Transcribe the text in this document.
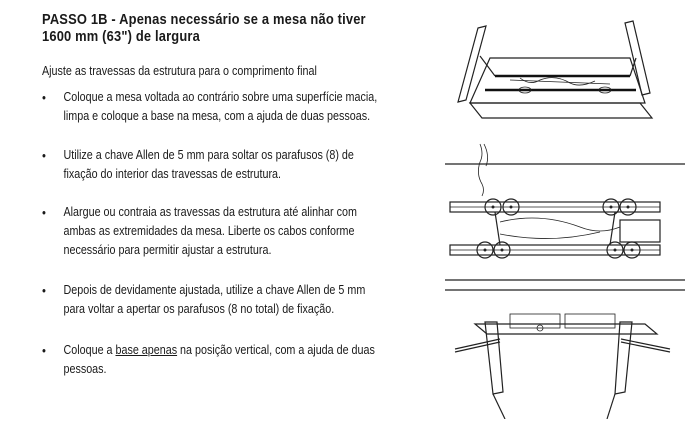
PASSO 1B - Apenas necessário se a mesa não tiver 1600 mm (63") de largura

Ajuste as travessas da estrutura para o comprimento final

• Coloque a mesa voltada ao contrário sobre uma superfície macia, limpa e coloque a base na mesa, com a ajuda de duas pessoas.
• Utilize a chave Allen de 5 mm para soltar os parafusos (8) de fixação do interior das travessas de estrutura.
• Alargue ou contraia as travessas da estrutura até alinhar com ambas as extremidades da mesa. Liberte os cabos conforme necessário para permitir ajustar a estrutura.
• Depois de devidamente ajustada, utilize a chave Allen de 5 mm para voltar a apertar os parafusos (8 no total) de fixação.
• Coloque a base apenas na posição vertical, com a ajuda de duas pessoas.
